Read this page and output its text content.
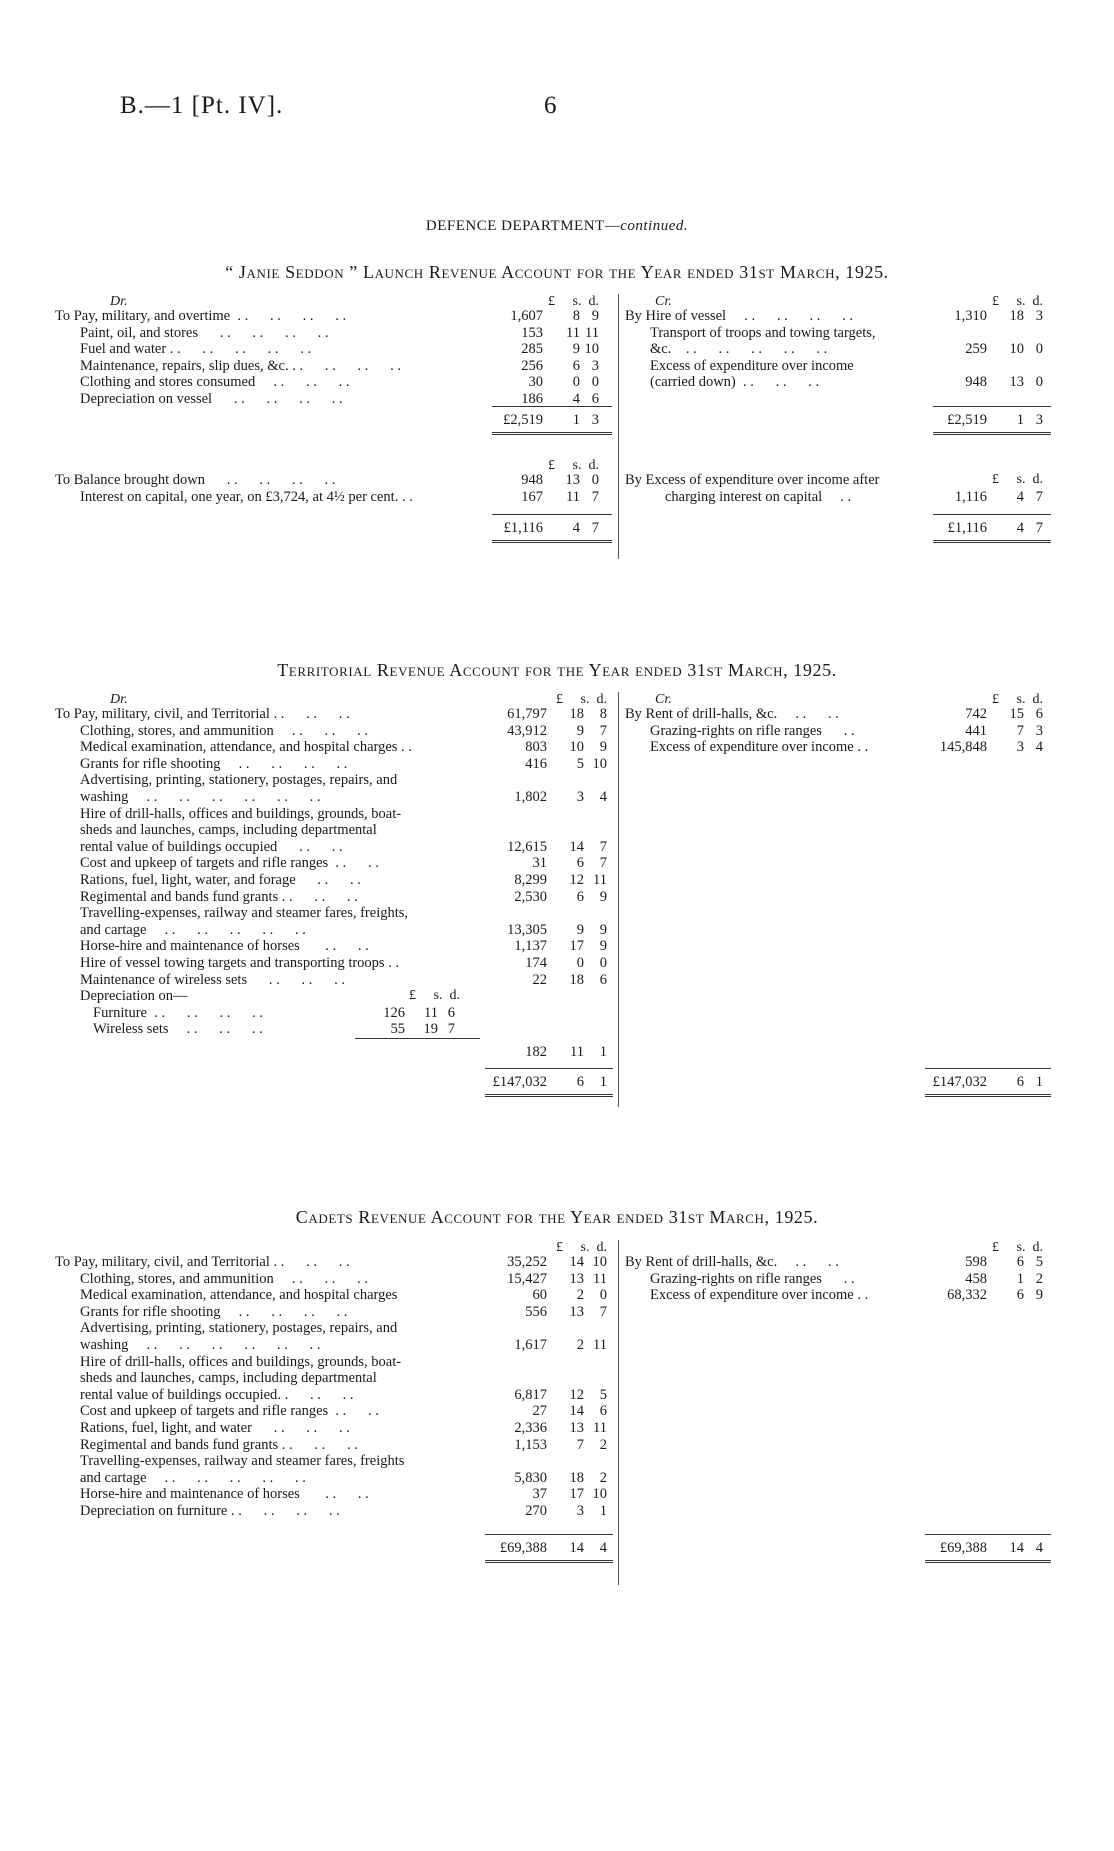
B.—1 [Pt. IV].	6
DEFENCE DEPARTMENT—continued.
“ Janie Seddon ” Launch Revenue Account for the Year ended 31st March, 1925.
Dr.	£     s.  d.
To Pay, military, and overtime  . .      . .      . .      . .	1,607 8 9
Paint, oil, and stores      . .      . .      . .      . .	153 11 11
Fuel and water . .      . .      . .      . .      . .	285 9 10
Maintenance, repairs, slip dues, &c. . .      . .      . .      . .	256 6 3
Clothing and stores consumed     . .      . .      . .	30 0 0
Depreciation on vessel      . .      . .      . .      . .	186 4 6
£2,519 1 3
£     s.  d.
To Balance brought down      . .      . .      . .      . .	948 13 0
Interest on capital, one year, on £3,724, at 4½ per cent. . .	167 11 7
£1,116 4 7
Cr.	£     s.  d.
By Hire of vessel     . .      . .      . .      . .	1,310 18 3
Transport of troops and towing targets,
&c.    . .      . .      . .      . .      . .	259 10 0
Excess of expenditure over income
(carried down)  . .      . .      . .	948 13 0
£2,519 1 3
By Excess of expenditure over income after
charging interest on capital     . .	1,116 4 7
£     s.  d.
£1,116 4 7
Territorial Revenue Account for the Year ended 31st March, 1925.
Dr.	£     s.  d.
To Pay, military, civil, and Territorial . .      . .      . .	61,797 18 8
Clothing, stores, and ammunition     . .      . .      . .	43,912 9 7
Medical examination, attendance, and hospital charges . .	803 10 9
Grants for rifle shooting     . .      . .      . .      . .	416 5 10
Advertising, printing, stationery, postages, repairs, and
washing     . .      . .      . .      . .      . .      . .	1,802 3 4
Hire of drill-halls, offices and buildings, grounds, boat-
sheds and launches, camps, including departmental
rental value of buildings occupied      . .      . .	12,615 14 7
Cost and upkeep of targets and rifle ranges  . .      . .	31 6 7
Rations, fuel, light, water, and forage      . .      . .	8,299 12 11
Regimental and bands fund grants . .      . .      . .	2,530 6 9
Travelling-expenses, railway and steamer fares, freights,
and cartage     . .      . .      . .      . .      . .	13,305 9 9
Horse-hire and maintenance of horses       . .      . .	1,137 17 9
Hire of vessel towing targets and transporting troops . .	174 0 0
Maintenance of wireless sets      . .      . .      . .	22 18 6
Depreciation on—	£     s.  d.
Furniture  . .      . .      . .      . .	126 11 6
Wireless sets     . .      . .      . .	55 19 7
182 11 1
£147,032 6 1
Cr.	£     s.  d.
By Rent of drill-halls, &c.     . .      . .	742 15 6
Grazing-rights on rifle ranges      . .	441 7 3
Excess of expenditure over income . .	145,848 3 4
£147,032 6 1
Cadets Revenue Account for the Year ended 31st March, 1925.
£     s.  d.
To Pay, military, civil, and Territorial . .      . .      . .	35,252 14 10
Clothing, stores, and ammunition     . .      . .      . .	15,427 13 11
Medical examination, attendance, and hospital charges	60 2 0
Grants for rifle shooting     . .      . .      . .      . .	556 13 7
Advertising, printing, stationery, postages, repairs, and
washing     . .      . .      . .      . .      . .      . .	1,617 2 11
Hire of drill-halls, offices and buildings, grounds, boat-
sheds and launches, camps, including departmental
rental value of buildings occupied. .      . .      . .	6,817 12 5
Cost and upkeep of targets and rifle ranges  . .      . .	27 14 6
Rations, fuel, light, and water      . .      . .      . .	2,336 13 11
Regimental and bands fund grants . .      . .      . .	1,153 7 2
Travelling-expenses, railway and steamer fares, freights
and cartage     . .      . .      . .      . .      . .	5,830 18 2
Horse-hire and maintenance of horses       . .      . .	37 17 10
Depreciation on furniture . .      . .      . .      . .	270 3 1
£69,388 14 4
£     s.  d.
By Rent of drill-halls, &c.     . .      . .	598 6 5
Grazing-rights on rifle ranges      . .	458 1 2
Excess of expenditure over income . .	68,332 6 9
£69,388 14 4
